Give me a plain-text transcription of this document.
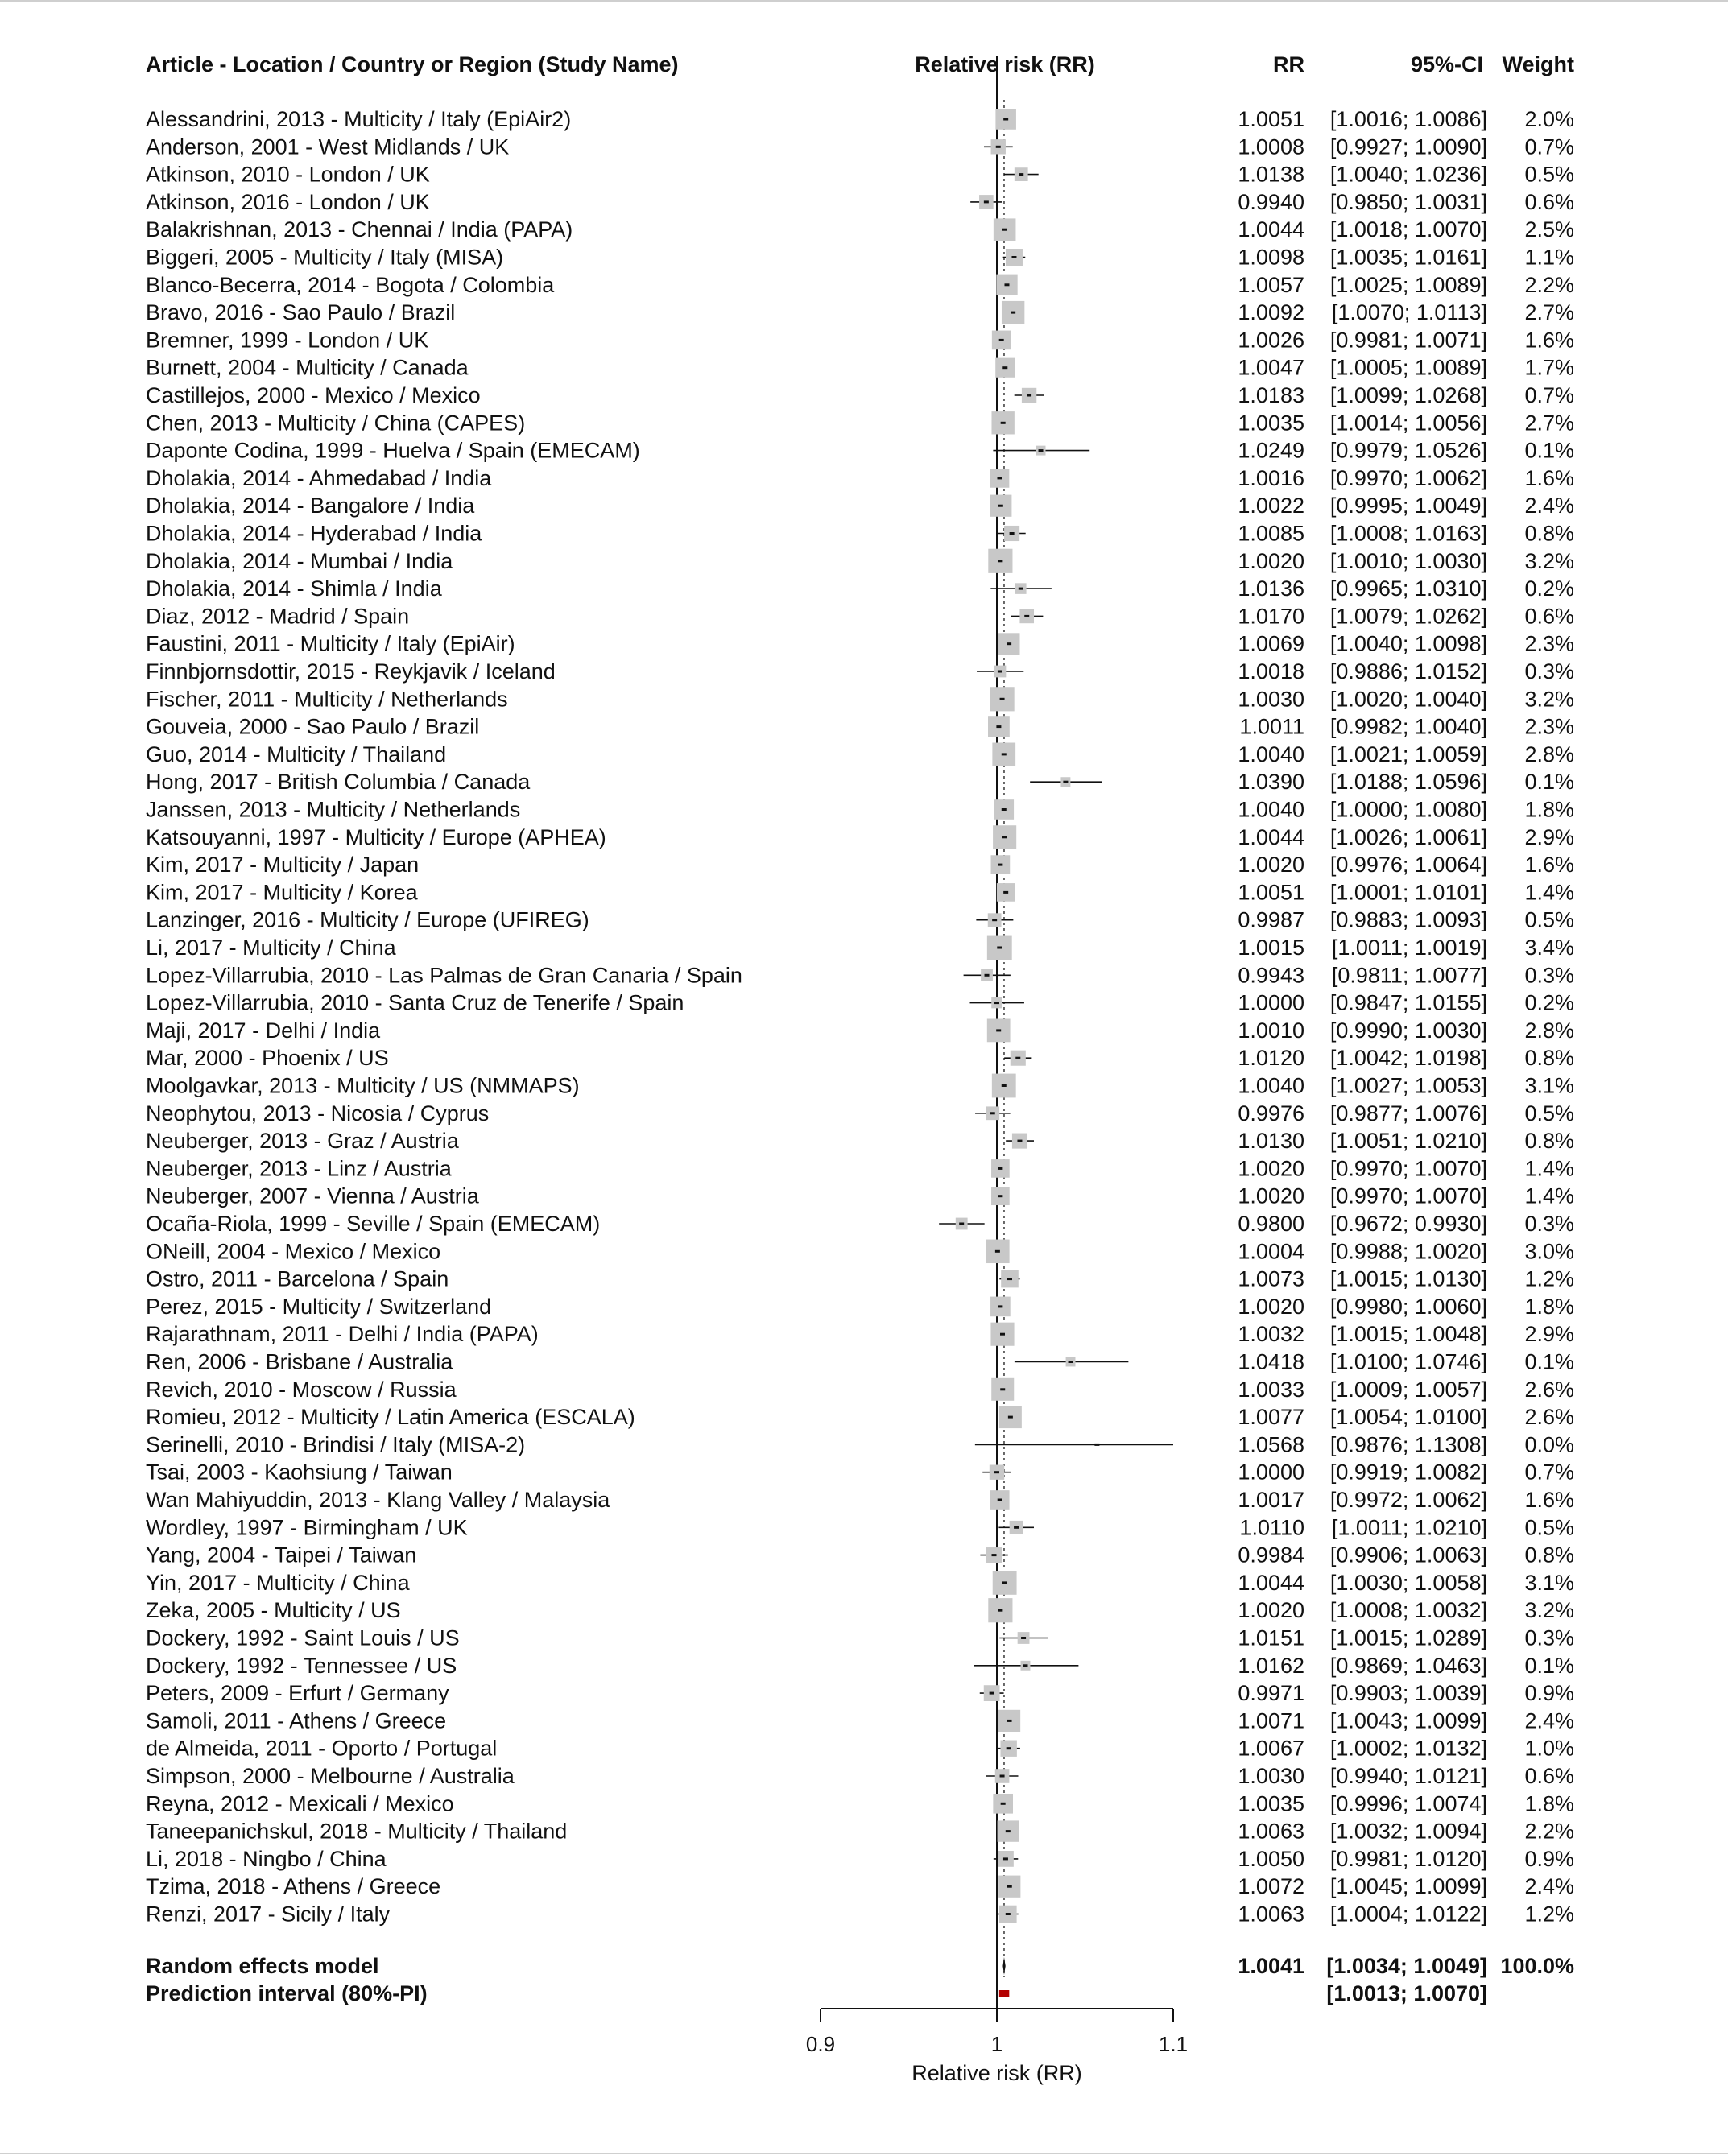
Article - Location / Country or Region (Study Name)	Relative risk (RR)	RR	95%-CI Weight
Alessandrini, 2013 - Multicity / Italy (EpiAir2)	1.0051 [1.0016; 1.0086] 2.0%
Anderson, 2001 - West Midlands / UK	1.0008 [0.9927; 1.0090] 0.7%
Atkinson, 2010 - London / UK	1.0138 [1.0040; 1.0236] 0.5%
Atkinson, 2016 - London / UK	0.9940 [0.9850; 1.0031] 0.6%
Balakrishnan, 2013 - Chennai / India (PAPA)	1.0044 [1.0018; 1.0070] 2.5%
Biggeri, 2005 - Multicity / Italy (MISA)	1.0098 [1.0035; 1.0161] 1.1%
Blanco-Becerra, 2014 - Bogota / Colombia	1.0057 [1.0025; 1.0089] 2.2%
Bravo, 2016 - Sao Paulo / Brazil	1.0092 [1.0070; 1.0113] 2.7%
Bremner, 1999 - London / UK	1.0026 [0.9981; 1.0071] 1.6%
Burnett, 2004 - Multicity / Canada	1.0047 [1.0005; 1.0089] 1.7%
Castillejos, 2000 - Mexico / Mexico	1.0183 [1.0099; 1.0268] 0.7%
Chen, 2013 - Multicity / China (CAPES)	1.0035 [1.0014; 1.0056] 2.7%
Daponte Codina, 1999 - Huelva / Spain (EMECAM)	1.0249 [0.9979; 1.0526] 0.1%
Dholakia, 2014 - Ahmedabad / India	1.0016 [0.9970; 1.0062] 1.6%
Dholakia, 2014 - Bangalore / India	1.0022 [0.9995; 1.0049] 2.4%
Dholakia, 2014 - Hyderabad / India	1.0085 [1.0008; 1.0163] 0.8%
Dholakia, 2014 - Mumbai / India	1.0020 [1.0010; 1.0030] 3.2%
Dholakia, 2014 - Shimla / India	1.0136 [0.9965; 1.0310] 0.2%
Diaz, 2012 - Madrid / Spain	1.0170 [1.0079; 1.0262] 0.6%
Faustini, 2011 - Multicity / Italy (EpiAir)	1.0069 [1.0040; 1.0098] 2.3%
Finnbjornsdottir, 2015 - Reykjavik / Iceland	1.0018 [0.9886; 1.0152] 0.3%
Fischer, 2011 - Multicity / Netherlands	1.0030 [1.0020; 1.0040] 3.2%
Gouveia, 2000 - Sao Paulo / Brazil	1.0011 [0.9982; 1.0040] 2.3%
Guo, 2014 - Multicity / Thailand	1.0040 [1.0021; 1.0059] 2.8%
Hong, 2017 - British Columbia / Canada	1.0390 [1.0188; 1.0596] 0.1%
Janssen, 2013 - Multicity / Netherlands	1.0040 [1.0000; 1.0080] 1.8%
Katsouyanni, 1997 - Multicity / Europe (APHEA)	1.0044 [1.0026; 1.0061] 2.9%
Kim, 2017 - Multicity / Japan	1.0020 [0.9976; 1.0064] 1.6%
Kim, 2017 - Multicity / Korea	1.0051 [1.0001; 1.0101] 1.4%
Lanzinger, 2016 - Multicity / Europe (UFIREG)	0.9987 [0.9883; 1.0093] 0.5%
Li, 2017 - Multicity / China	1.0015 [1.0011; 1.0019] 3.4%
Lopez-Villarrubia, 2010 - Las Palmas de Gran Canaria / Spain	0.9943 [0.9811; 1.0077] 0.3%
Lopez-Villarrubia, 2010 - Santa Cruz de Tenerife / Spain	1.0000 [0.9847; 1.0155] 0.2%
Maji, 2017 - Delhi / India	1.0010 [0.9990; 1.0030] 2.8%
Mar, 2000 - Phoenix / US	1.0120 [1.0042; 1.0198] 0.8%
Moolgavkar, 2013 - Multicity / US (NMMAPS)	1.0040 [1.0027; 1.0053] 3.1%
Neophytou, 2013 - Nicosia / Cyprus	0.9976 [0.9877; 1.0076] 0.5%
Neuberger, 2013 - Graz / Austria	1.0130 [1.0051; 1.0210] 0.8%
Neuberger, 2013 - Linz / Austria	1.0020 [0.9970; 1.0070] 1.4%
Neuberger, 2007 - Vienna / Austria	1.0020 [0.9970; 1.0070] 1.4%
Ocaña-Riola, 1999 - Seville / Spain (EMECAM)	0.9800 [0.9672; 0.9930] 0.3%
ONeill, 2004 - Mexico / Mexico	1.0004 [0.9988; 1.0020] 3.0%
Ostro, 2011 - Barcelona / Spain	1.0073 [1.0015; 1.0130] 1.2%
Perez, 2015 - Multicity / Switzerland	1.0020 [0.9980; 1.0060] 1.8%
Rajarathnam, 2011 - Delhi / India (PAPA)	1.0032 [1.0015; 1.0048] 2.9%
Ren, 2006 - Brisbane / Australia	1.0418 [1.0100; 1.0746] 0.1%
Revich, 2010 - Moscow / Russia	1.0033 [1.0009; 1.0057] 2.6%
Romieu, 2012 - Multicity / Latin America (ESCALA)	1.0077 [1.0054; 1.0100] 2.6%
Serinelli, 2010 - Brindisi / Italy (MISA-2)	1.0568 [0.9876; 1.1308] 0.0%
Tsai, 2003 - Kaohsiung / Taiwan	1.0000 [0.9919; 1.0082] 0.7%
Wan Mahiyuddin, 2013 - Klang Valley / Malaysia	1.0017 [0.9972; 1.0062] 1.6%
Wordley, 1997 - Birmingham / UK	1.0110 [1.0011; 1.0210] 0.5%
Yang, 2004 - Taipei / Taiwan	0.9984 [0.9906; 1.0063] 0.8%
Yin, 2017 - Multicity / China	1.0044 [1.0030; 1.0058] 3.1%
Zeka, 2005 - Multicity / US	1.0020 [1.0008; 1.0032] 3.2%
Dockery, 1992 - Saint Louis / US	1.0151 [1.0015; 1.0289] 0.3%
Dockery, 1992 - Tennessee / US	1.0162 [0.9869; 1.0463] 0.1%
Peters, 2009 - Erfurt / Germany	0.9971 [0.9903; 1.0039] 0.9%
Samoli, 2011 - Athens / Greece	1.0071 [1.0043; 1.0099] 2.4%
de Almeida, 2011 - Oporto / Portugal	1.0067 [1.0002; 1.0132] 1.0%
Simpson, 2000 - Melbourne / Australia	1.0030 [0.9940; 1.0121] 0.6%
Reyna, 2012 - Mexicali / Mexico	1.0035 [0.9996; 1.0074] 1.8%
Taneepanichskul, 2018 - Multicity / Thailand	1.0063 [1.0032; 1.0094] 2.2%
Li, 2018 - Ningbo / China	1.0050 [0.9981; 1.0120] 0.9%
Tzima, 2018 - Athens / Greece	1.0072 [1.0045; 1.0099] 2.4%
Renzi, 2017 - Sicily / Italy	1.0063 [1.0004; 1.0122] 1.2%
Random effects model	1.0041 [1.0034; 1.0049] 100.0%
Prediction interval (80%-PI)	[1.0013; 1.0070]
0.9	1	1.1
Relative risk (RR)
